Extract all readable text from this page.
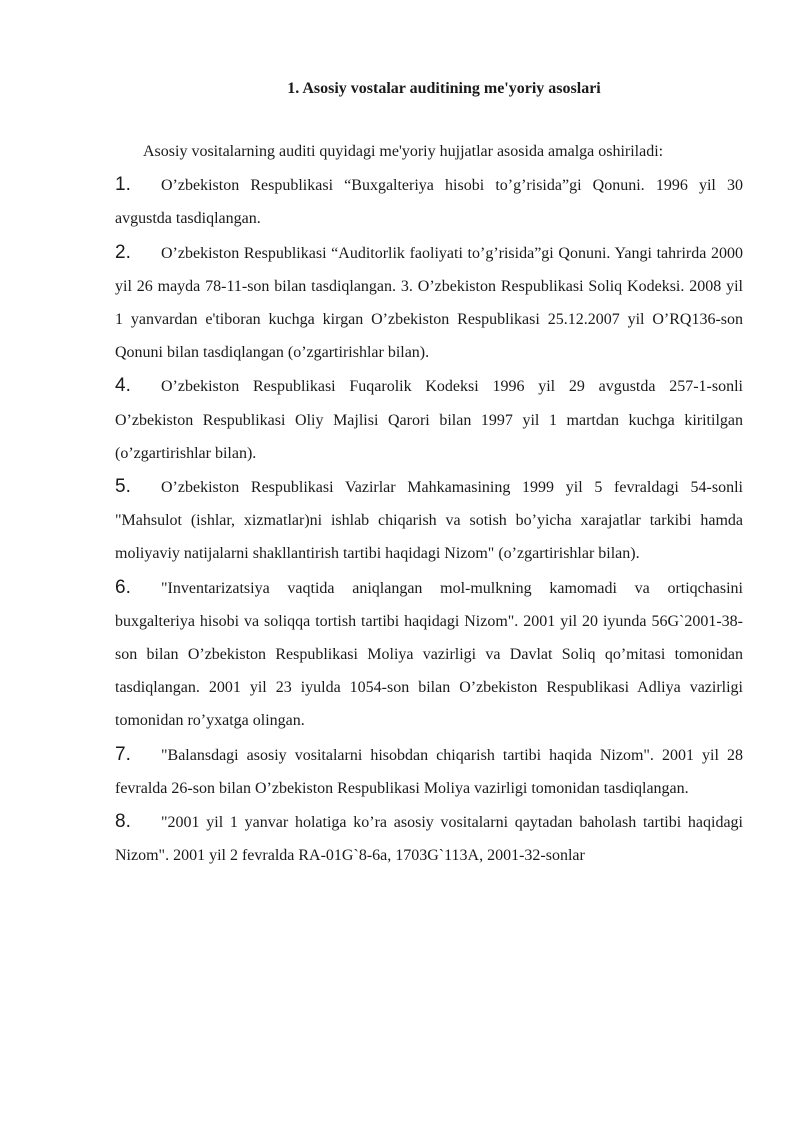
1. Asosiy vostalar auditining me'yoriy asoslari

Asosiy vositalarning auditi quyidagi me'yoriy hujjatlar asosida amalga oshiriladi:

1. O’zbekiston Respublikasi “Buxgalteriya hisobi to’g’risida”gi Qonuni. 1996 yil 30 avgustda tasdiqlangan.

2. O’zbekiston Respublikasi “Auditorlik faoliyati to’g’risida”gi Qonuni. Yangi tahrirda 2000 yil 26 mayda 78-11-son bilan tasdiqlangan. 3. O’zbekiston Respublikasi Soliq Kodeksi. 2008 yil 1 yanvardan e'tiboran kuchga kirgan O’zbekiston Respublikasi 25.12.2007 yil O’RQ136-son Qonuni bilan tasdiqlangan (o’zgartirishlar bilan).

4. O’zbekiston Respublikasi Fuqarolik Kodeksi 1996 yil 29 avgustda 257-1-sonli O’zbekiston Respublikasi Oliy Majlisi Qarori bilan 1997 yil 1 martdan kuchga kiritilgan (o’zgartirishlar bilan).

5. O’zbekiston Respublikasi Vazirlar Mahkamasining 1999 yil 5 fevraldagi 54-sonli "Mahsulot (ishlar, xizmatlar)ni ishlab chiqarish va sotish bo’yicha xarajatlar tarkibi hamda moliyaviy natijalarni shakllantirish tartibi haqidagi Nizom" (o’zgartirishlar bilan).

6. "Inventarizatsiya vaqtida aniqlangan mol-mulkning kamomadi va ortiqchasini buxgalteriya hisobi va soliqqa tortish tartibi haqidagi Nizom". 2001 yil 20 iyunda 56G`2001-38-son bilan O’zbekiston Respublikasi Moliya vazirligi va Davlat Soliq qo’mitasi tomonidan tasdiqlangan. 2001 yil 23 iyulda 1054-son bilan O’zbekiston Respublikasi Adliya vazirligi tomonidan ro’yxatga olingan.

7. "Balansdagi asosiy vositalarni hisobdan chiqarish tartibi haqida Nizom". 2001 yil 28 fevralda 26-son bilan O’zbekiston Respublikasi Moliya vazirligi tomonidan tasdiqlangan.

8. "2001 yil 1 yanvar holatiga ko’ra asosiy vositalarni qaytadan baholash tartibi haqidagi Nizom". 2001 yil 2 fevralda RA-01G`8-6a, 1703G`113A, 2001-32-sonlar
